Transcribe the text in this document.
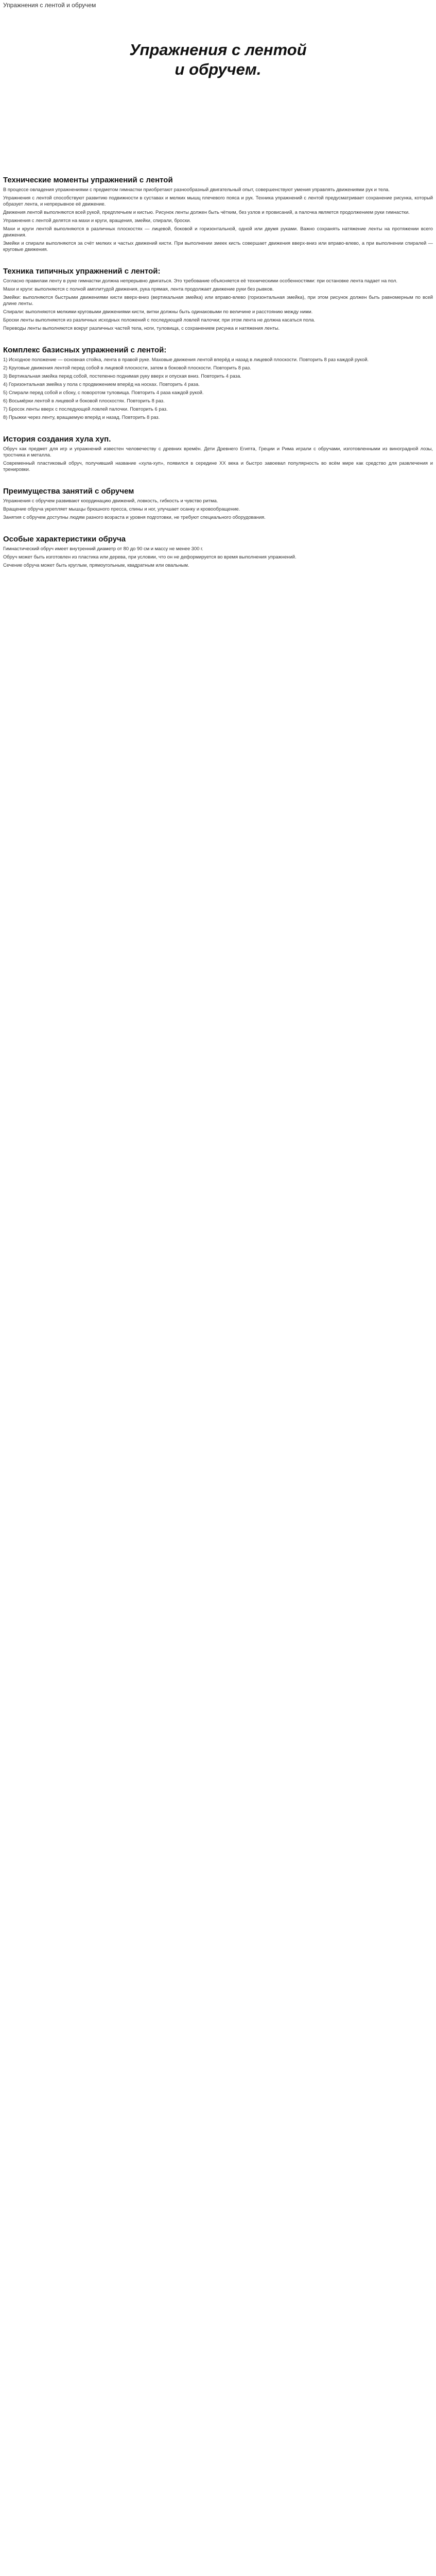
Упражнения с лентой и обручем
Упражнения с лентой
и обручем.
Технические моменты упражнений с лентой

В процессе овладения упражнениями с предметом гимнастки приобретают разнообразный двигательный опыт, совершенствуют умения управлять движениями рук и тела.

Упражнения с лентой способствуют развитию подвижности в суставах и мелких мышц плечевого пояса и рук. Техника упражнений с лентой предусматривает сохранение рисунка, который образует лента, и непрерывное её движение.

Движения лентой выполняются всей рукой, предплечьем и кистью. Рисунок ленты должен быть чётким, без узлов и провисаний, а палочка является продолжением руки гимнастки.

Упражнения с лентой делятся на махи и круги, вращения, змейки, спирали, броски.

Махи и круги лентой выполняются в различных плоскостях — лицевой, боковой и горизонтальной, одной или двумя руками. Важно сохранять натяжение ленты на протяжении всего движения.

Змейки и спирали выполняются за счёт мелких и частых движений кисти. При выполнении змеек кисть совершает движения вверх-вниз или вправо-влево, а при выполнении спиралей — круговые движения.

Техника типичных упражнений с лентой:

Согласно правилам ленту в руке гимнастки должна непрерывно двигаться. Это требование объясняется её техническими особенностями: при остановке лента падает на пол.

Махи и круги: выполняются с полной амплитудой движения, рука прямая, лента продолжает движение руки без рывков.

Змейки: выполняются быстрыми движениями кисти вверх-вниз (вертикальная змейка) или вправо-влево (горизонтальная змейка), при этом рисунок должен быть равномерным по всей длине ленты.

Спирали: выполняются мелкими круговыми движениями кисти, витки должны быть одинаковыми по величине и расстоянию между ними.

Броски ленты выполняются из различных исходных положений с последующей ловлей палочки; при этом лента не должна касаться пола.

Переводы ленты выполняются вокруг различных частей тела, ноги, туловища, с сохранением рисунка и натяжения ленты.

Комплекс базисных упражнений с лентой:

1) Исходное положение — основная стойка, лента в правой руке. Маховые движения лентой вперёд и назад в лицевой плоскости. Повторить 8 раз каждой рукой.

2) Круговые движения лентой перед собой в лицевой плоскости, затем в боковой плоскости. Повторить 8 раз.

3) Вертикальная змейка перед собой, постепенно поднимая руку вверх и опуская вниз. Повторить 4 раза.

4) Горизонтальная змейка у пола с продвижением вперёд на носках. Повторить 4 раза.

5) Спирали перед собой и сбоку, с поворотом туловища. Повторить 4 раза каждой рукой.

6) Восьмёрки лентой в лицевой и боковой плоскостях. Повторить 8 раз.

7) Бросок ленты вверх с последующей ловлей палочки. Повторить 6 раз.

8) Прыжки через ленту, вращаемую вперёд и назад. Повторить 8 раз.

История создания хула хуп.

Обруч как предмет для игр и упражнений известен человечеству с древних времён. Дети Древнего Египта, Греции и Рима играли с обручами, изготовленными из виноградной лозы, тростника и металла.

Современный пластиковый обруч, получивший название «хула-хуп», появился в середине XX века и быстро завоевал популярность во всём мире как средство для развлечения и тренировки.

Преимущества занятий с обручем

Упражнения с обручем развивают координацию движений, ловкость, гибкость и чувство ритма.

Вращение обруча укрепляет мышцы брюшного пресса, спины и ног, улучшает осанку и кровообращение.

Занятия с обручем доступны людям разного возраста и уровня подготовки, не требуют специального оборудования.

Особые характеристики обруча

Гимнастический обруч имеет внутренний диаметр от 80 до 90 см и массу не менее 300 г.

Обруч может быть изготовлен из пластика или дерева, при условии, что он не деформируется во время выполнения упражнений.

Сечение обруча может быть круглым, прямоугольным, квадратным или овальным.
